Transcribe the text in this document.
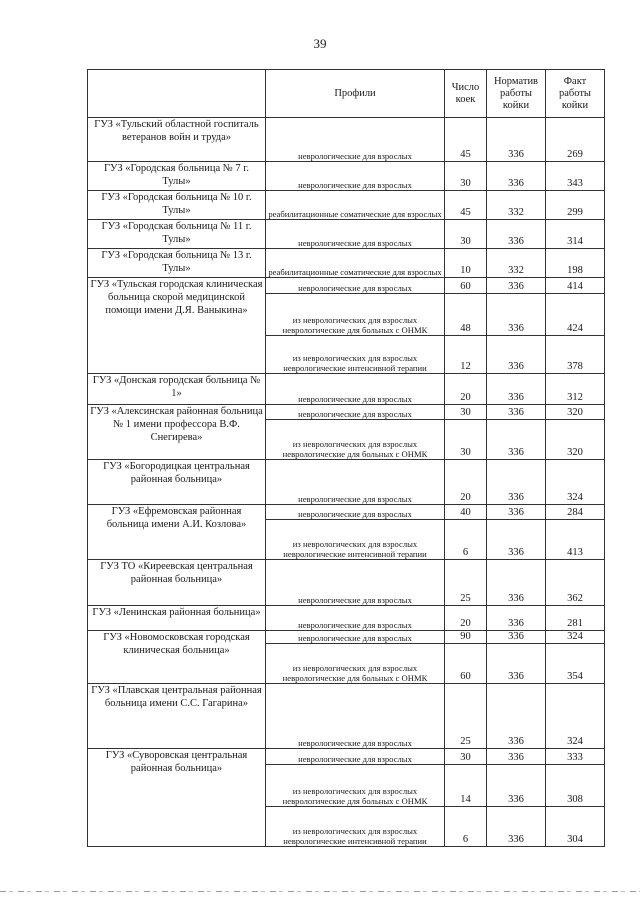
39
	Профили	Число коек	Норматив работы койки	Факт работы койки
ГУЗ «Тульский областной госпиталь ветеранов войн и труда»	неврологические для взрослых	45	336	269
ГУЗ «Городская больница № 7 г. Тулы»	неврологические для взрослых	30	336	343
ГУЗ «Городская больница № 10 г. Тулы»	реабилитационные соматические для взрослых	45	332	299
ГУЗ «Городская больница № 11 г. Тулы»	неврологические для взрослых	30	336	314
ГУЗ «Городская больница № 13 г. Тулы»	реабилитационные соматические для взрослых	10	332	198
ГУЗ «Тульская городская клиническая больница скорой медицинской помощи имени Д.Я. Ваныкина»	неврологические для взрослых	60	336	414
	из неврологических для взрослых неврологические для больных с ОНМК	48	336	424
	из неврологических для взрослых неврологические интенсивной терапии	12	336	378
ГУЗ «Донская городская больница № 1»	неврологические для взрослых	20	336	312
ГУЗ «Алексинская районная больница № 1 имени профессора В.Ф. Снегирева»	неврологические для взрослых	30	336	320
	из неврологических для взрослых неврологические для больных с ОНМК	30	336	320
ГУЗ «Богородицкая центральная районная больница»	неврологические для взрослых	20	336	324
ГУЗ «Ефремовская районная больница имени А.И. Козлова»	неврологические для взрослых	40	336	284
	из неврологических для взрослых неврологические интенсивной терапии	6	336	413
ГУЗ ТО «Киреевская центральная районная больница»	неврологические для взрослых	25	336	362
ГУЗ «Ленинская районная больница»	неврологические для взрослых	20	336	281
ГУЗ «Новомосковская городская клиническая больница»	неврологические для взрослых	90	336	324
	из неврологических для взрослых неврологические для больных с ОНМК	60	336	354
ГУЗ «Плавская центральная районная больница имени С.С. Гагарина»	неврологические для взрослых	25	336	324
ГУЗ «Суворовская центральная районная больница»	неврологические для взрослых	30	336	333
	из неврологических для взрослых неврологические для больных с ОНМК	14	336	308
	из неврологических для взрослых неврологические интенсивной терапии	6	336	304
